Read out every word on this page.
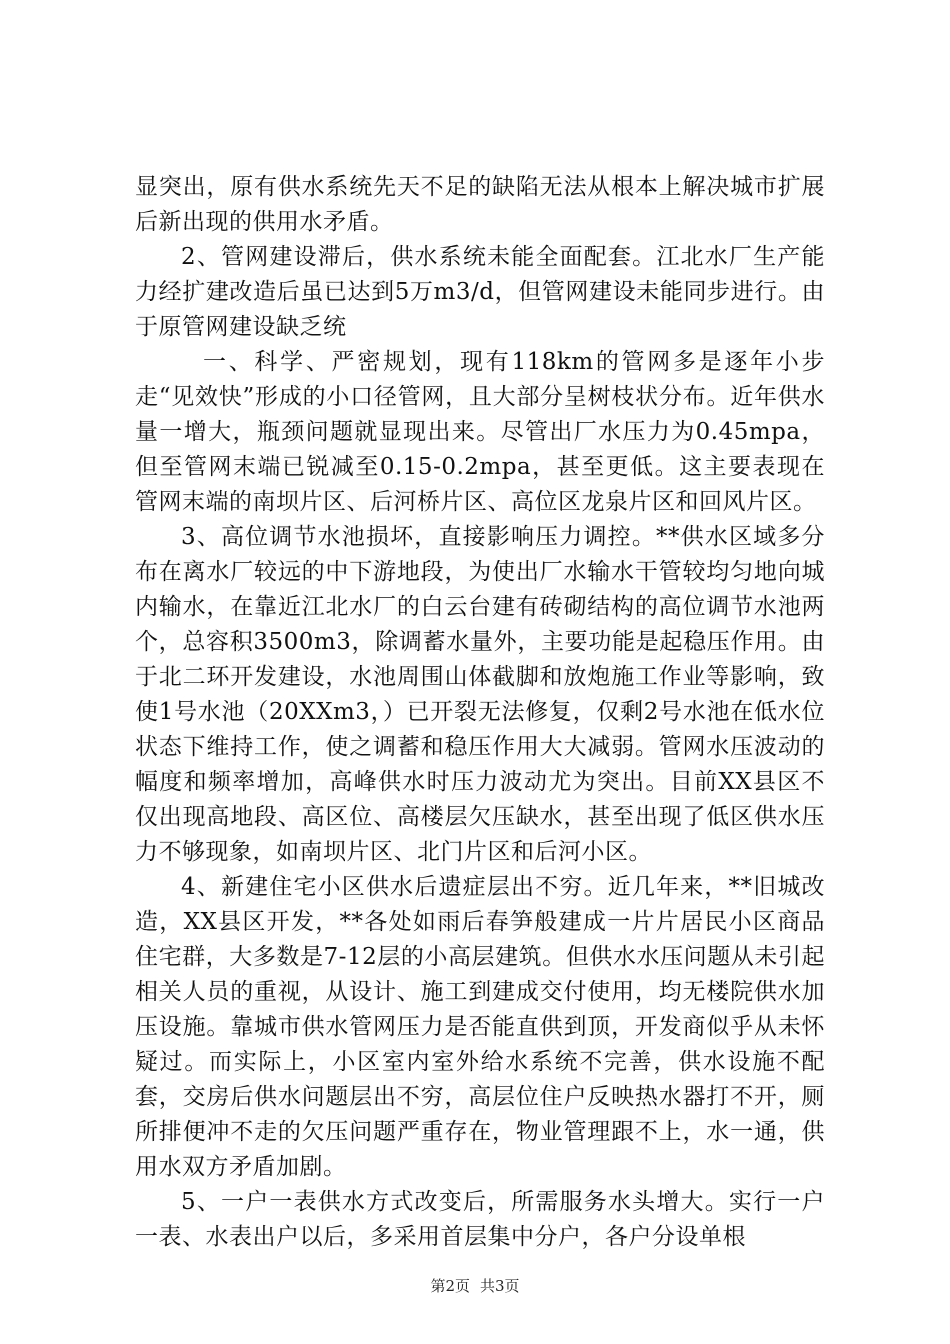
显突出，原有供水系统先天不足的缺陷无法从根本上解决城市扩展后新出现的供用水矛盾。

2、管网建设滞后，供水系统未能全面配套。江北水厂生产能力经扩建改造后虽已达到5万m3/d，但管网建设未能同步进行。由于原管网建设缺乏统

一、科学、严密规划，现有118km的管网多是逐年小步走“见效快”形成的小口径管网，且大部分呈树枝状分布。近年供水量一增大，瓶颈问题就显现出来。尽管出厂水压力为0.45mpa，但至管网末端已锐减至0.15-0.2mpa，甚至更低。这主要表现在管网末端的南坝片区、后河桥片区、高位区龙泉片区和回风片区。

3、高位调节水池损坏，直接影响压力调控。**供水区域多分布在离水厂较远的中下游地段，为使出厂水输水干管较均匀地向城内输水，在靠近江北水厂的白云台建有砖砌结构的高位调节水池两个，总容积3500m3，除调蓄水量外，主要功能是起稳压作用。由于北二环开发建设，水池周围山体截脚和放炮施工作业等影响，致使1号水池（20XXm3，）已开裂无法修复，仅剩2号水池在低水位状态下维持工作，使之调蓄和稳压作用大大减弱。管网水压波动的幅度和频率增加，高峰供水时压力波动尤为突出。目前XX县区不仅出现高地段、高区位、高楼层欠压缺水，甚至出现了低区供水压力不够现象，如南坝片区、北门片区和后河小区。

4、新建住宅小区供水后遗症层出不穷。近几年来，**旧城改造，XX县区开发，**各处如雨后春笋般建成一片片居民小区商品住宅群，大多数是7-12层的小高层建筑。但供水水压问题从未引起相关人员的重视，从设计、施工到建成交付使用，均无楼院供水加压设施。靠城市供水管网压力是否能直供到顶，开发商似乎从未怀疑过。而实际上，小区室内室外给水系统不完善，供水设施不配套，交房后供水问题层出不穷，高层位住户反映热水器打不开，厕所排便冲不走的欠压问题严重存在，物业管理跟不上，水一通，供用水双方矛盾加剧。

5、一户一表供水方式改变后，所需服务水头增大。实行一户一表、水表出户以后，多采用首层集中分户，各户分设单根

第2页 共3页
